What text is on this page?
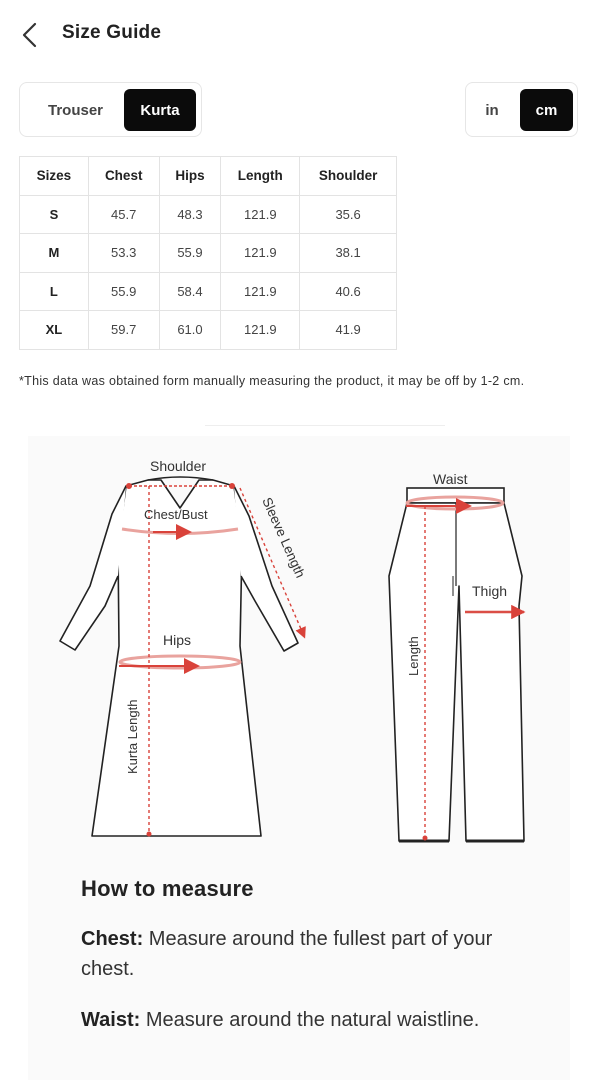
Size Guide
Trouser	Kurta	in	cm
Sizes	Chest	Hips	Length	Shoulder
S	45.7	48.3	121.9	35.6
M	53.3	55.9	121.9	38.1
L	55.9	58.4	121.9	40.6
XL	59.7	61.0	121.9	41.9
*This data was obtained form manually measuring the product, it may be off by 1-2 cm.
Shoulder
Chest/Bust
Hips
Sleeve Length
Kurta Length
Waist
Thigh
Length
How to measure
Chest: Measure around the fullest part of your chest.
Waist: Measure around the natural waistline.
